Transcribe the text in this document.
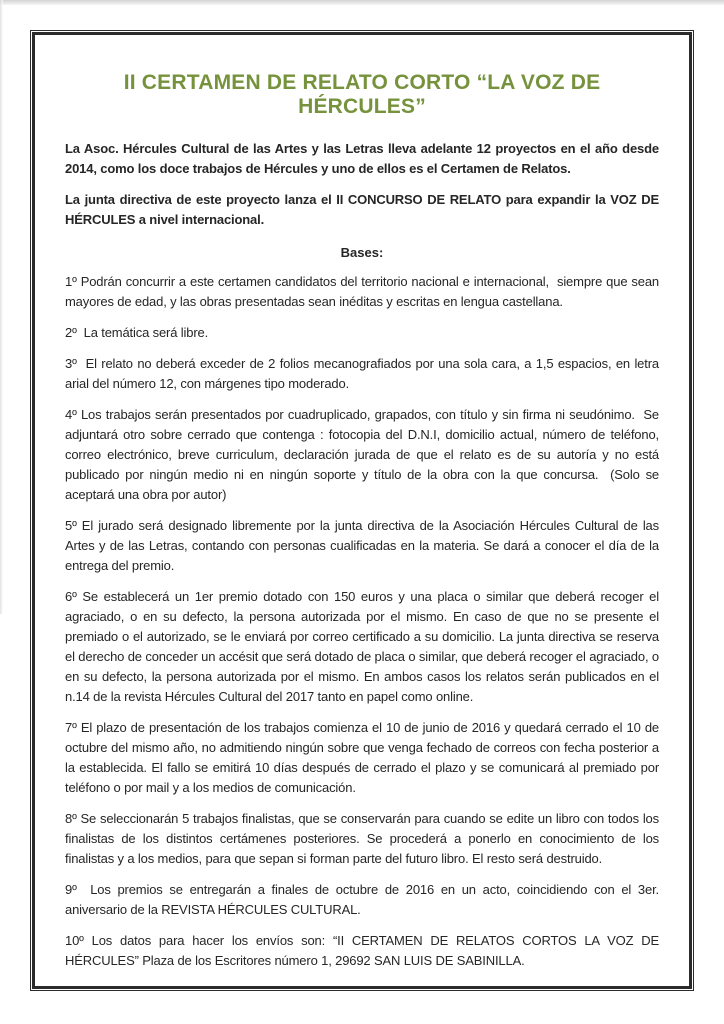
II CERTAMEN DE RELATO CORTO “LA VOZ DE HÉRCULES”

La Asoc. Hércules Cultural de las Artes y las Letras lleva adelante 12 proyectos en el año desde 2014, como los doce trabajos de Hércules y uno de ellos es el Certamen de Relatos.

La junta directiva de este proyecto lanza el II CONCURSO DE RELATO para expandir la VOZ DE HÉRCULES a nivel internacional.

Bases:

1º Podrán concurrir a este certamen candidatos del territorio nacional e internacional,  siempre que sean mayores de edad, y las obras presentadas sean inéditas y escritas en lengua castellana.

2º  La temática será libre.

3º  El relato no deberá exceder de 2 folios mecanografiados por una sola cara, a 1,5 espacios, en letra  arial del número 12, con márgenes tipo moderado.

4º Los trabajos serán presentados por cuadruplicado, grapados, con título y sin firma ni seudónimo.  Se adjuntará otro sobre cerrado que contenga : fotocopia del D.N.I, domicilio actual, número de teléfono, correo electrónico, breve curriculum, declaración jurada de que el relato es de su autoría y no está publicado por ningún medio ni en ningún soporte y título de la obra con la que concursa.  (Solo se aceptará una obra por autor)

5º El jurado será designado libremente por la junta directiva de la Asociación Hércules Cultural de las Artes y de las Letras, contando con personas cualificadas en la materia. Se dará a conocer el día de la entrega del premio.

6º Se establecerá un 1er premio dotado con 150 euros y una placa o similar que deberá recoger el agraciado, o en su defecto, la persona autorizada por el mismo. En caso de que no se presente el premiado o el autorizado, se le enviará por correo certificado a su domicilio. La junta directiva se reserva  el derecho de conceder un accésit que será dotado de placa o similar, que deberá recoger el agraciado, o en su defecto, la persona autorizada por el mismo. En ambos casos los relatos serán publicados en el n.14 de la revista Hércules Cultural del 2017 tanto en papel como online.

7º El plazo de presentación de los trabajos comienza el 10 de junio de 2016 y quedará cerrado el 10 de octubre del mismo año, no admitiendo ningún sobre que venga fechado de correos con fecha posterior a la establecida. El fallo se emitirá 10 días después de cerrado el plazo y se comunicará al premiado por teléfono o por mail y a los medios de comunicación.

8º Se seleccionarán 5 trabajos finalistas, que se conservarán para cuando se edite un libro con todos los finalistas de los distintos certámenes posteriores. Se procederá a ponerlo en conocimiento de los finalistas y a los medios, para que sepan si forman parte del futuro libro. El resto será destruido.

9º  Los premios se entregarán a finales de octubre de 2016 en un acto, coincidiendo con el 3er. aniversario de la REVISTA HÉRCULES CULTURAL.

10º Los datos para hacer los envíos son: “II CERTAMEN DE RELATOS CORTOS LA VOZ DE HÉRCULES” Plaza de los Escritores número 1, 29692 SAN LUIS DE SABINILLA.
